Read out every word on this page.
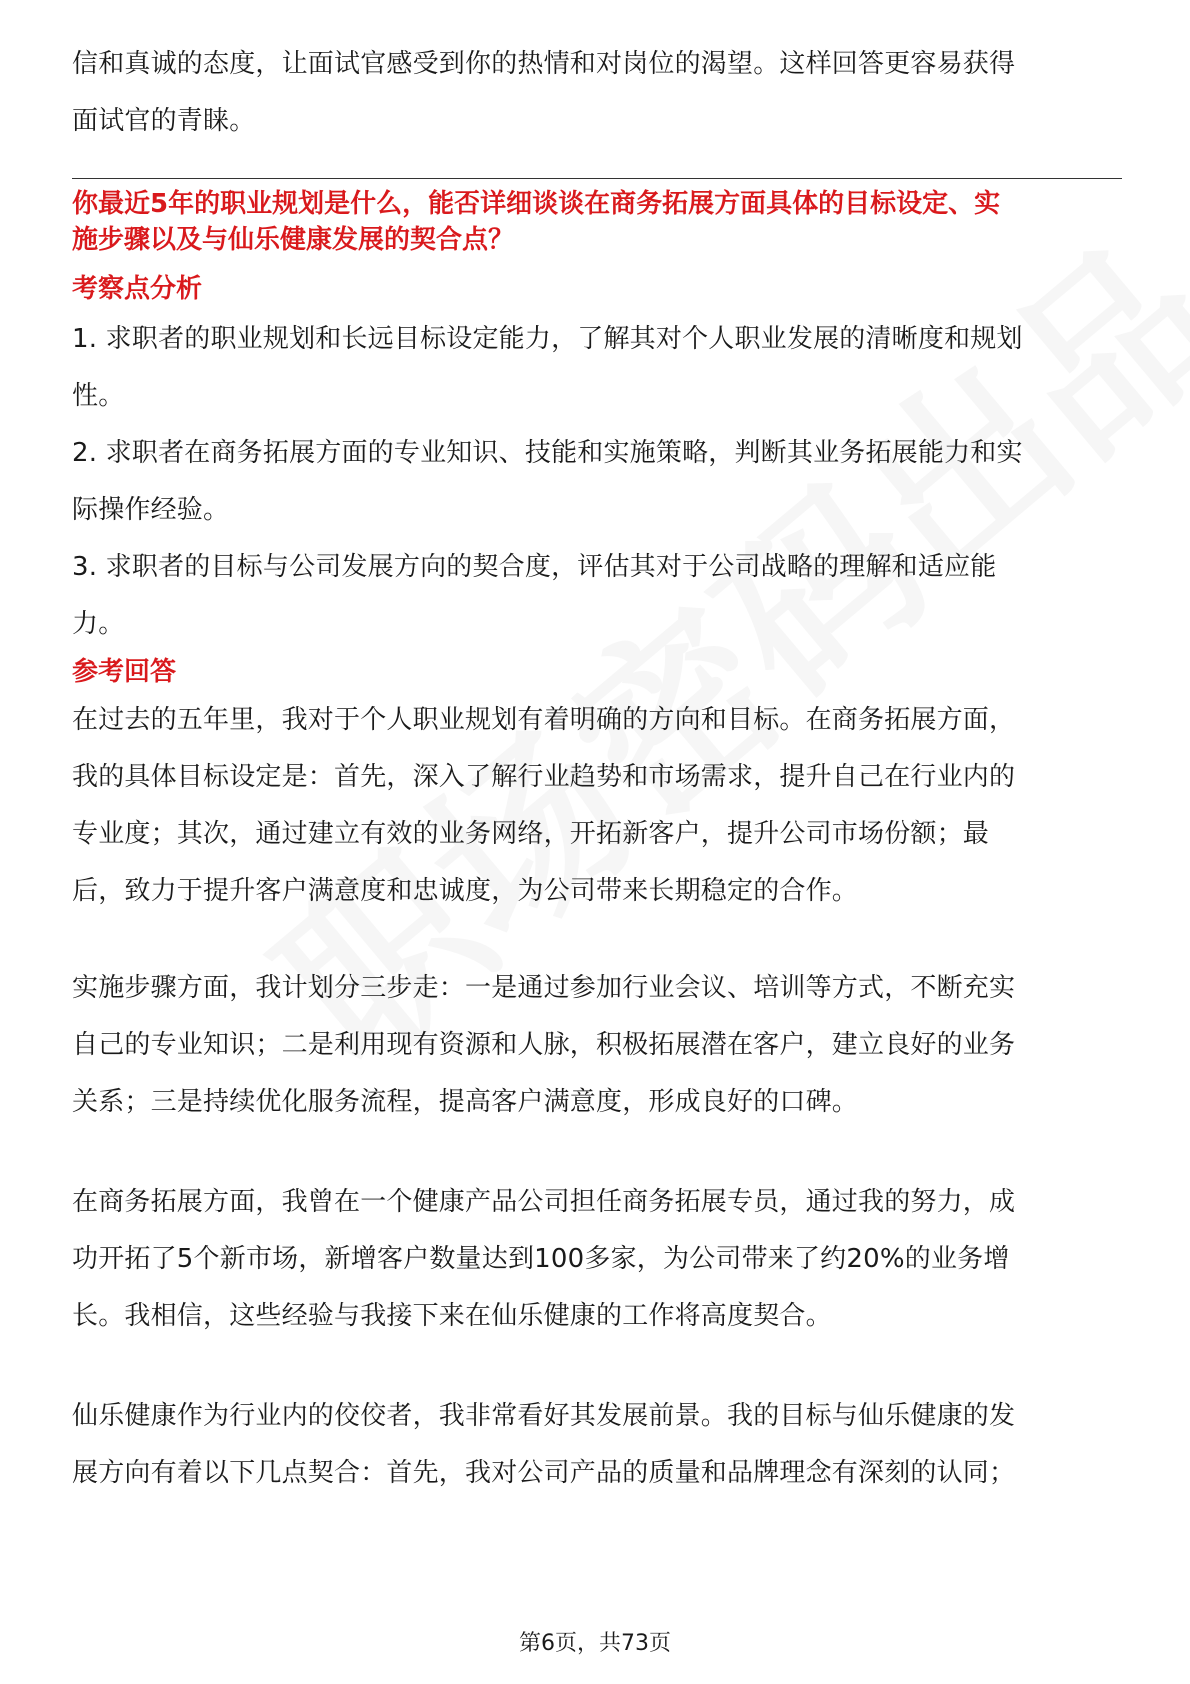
信和真诚的态度，让面试官感受到你的热情和对岗位的渴望。这样回答更容易获得
面试官的青睐。
你最近5年的职业规划是什么，能否详细谈谈在商务拓展方面具体的目标设定、实
施步骤以及与仙乐健康发展的契合点？
考察点分析
1. 求职者的职业规划和长远目标设定能力，了解其对个人职业发展的清晰度和规划
性。
2. 求职者在商务拓展方面的专业知识、技能和实施策略，判断其业务拓展能力和实
际操作经验。
3. 求职者的目标与公司发展方向的契合度，评估其对于公司战略的理解和适应能
力。
参考回答
在过去的五年里，我对于个人职业规划有着明确的方向和目标。在商务拓展方面，
我的具体目标设定是：首先，深入了解行业趋势和市场需求，提升自己在行业内的
专业度；其次，通过建立有效的业务网络，开拓新客户，提升公司市场份额；最
后，致力于提升客户满意度和忠诚度，为公司带来长期稳定的合作。
实施步骤方面，我计划分三步走：一是通过参加行业会议、培训等方式，不断充实
自己的专业知识；二是利用现有资源和人脉，积极拓展潜在客户，建立良好的业务
关系；三是持续优化服务流程，提高客户满意度，形成良好的口碑。
在商务拓展方面，我曾在一个健康产品公司担任商务拓展专员，通过我的努力，成
功开拓了5个新市场，新增客户数量达到100多家，为公司带来了约20%的业务增
长。我相信，这些经验与我接下来在仙乐健康的工作将高度契合。
仙乐健康作为行业内的佼佼者，我非常看好其发展前景。我的目标与仙乐健康的发
展方向有着以下几点契合：首先，我对公司产品的质量和品牌理念有深刻的认同；
第6页，共73页
